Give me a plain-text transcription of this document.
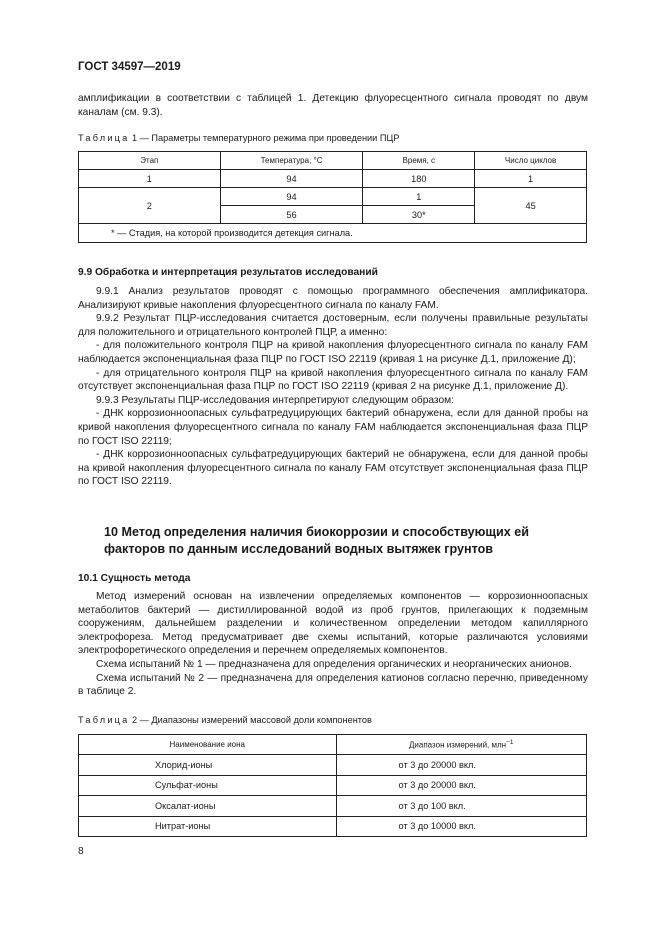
ГОСТ 34597—2019

амплификации в соответствии с таблицей 1. Детекцию флуоресцентного сигнала проводят по двум каналам (см. 9.3).

Таблица 1 — Параметры температурного режима при проведении ПЦР
Этап	Температура, °C	Время, с	Число циклов
1	94	180	1
2	94	1	45
	56	30*	
* — Стадия, на которой производится детекция сигнала.			
9.9 Обработка и интерпретация результатов исследований

9.9.1 Анализ результатов проводят с помощью программного обеспечения амплификатора. Анализируют кривые накопления флуоресцентного сигнала по каналу FAM.

9.9.2 Результат ПЦР-исследования считается достоверным, если получены правильные результаты для положительного и отрицательного контролей ПЦР, а именно:

- для положительного контроля ПЦР на кривой накопления флуоресцентного сигнала по каналу FAM наблюдается экспоненциальная фаза ПЦР по ГОСТ ISO 22119 (кривая 1 на рисунке Д.1, приложение Д);

- для отрицательного контроля ПЦР на кривой накопления флуоресцентного сигнала по каналу FAM отсутствует экспоненциальная фаза ПЦР по ГОСТ ISO 22119 (кривая 2 на рисунке Д.1, приложение Д).

9.9.3 Результаты ПЦР-исследования интерпретируют следующим образом:

- ДНК коррозионноопасных сульфатредуцирующих бактерий обнаружена, если для данной пробы на кривой накопления флуоресцентного сигнала по каналу FAM наблюдается экспоненциальная фаза ПЦР по ГОСТ ISO 22119;

- ДНК коррозионноопасных сульфатредуцирующих бактерий не обнаружена, если для данной пробы на кривой накопления флуоресцентного сигнала по каналу FAM отсутствует экспоненциальная фаза ПЦР по ГОСТ ISO 22119.

10 Метод определения наличия биокоррозии и способствующих ей факторов по данным исследований водных вытяжек грунтов
10.1 Сущность метода

Метод измерений основан на извлечении определяемых компонентов — коррозионноопасных метаболитов бактерий — дистиллированной водой из проб грунтов, прилегающих к подземным сооружениям, дальнейшем разделении и количественном определении методом капиллярного электрофореза. Метод предусматривает две схемы испытаний, которые различаются условиями электрофоретического определения и перечнем определяемых компонентов.

Схема испытаний № 1 — предназначена для определения органических и неорганических анионов.

Схема испытаний № 2 — предназначена для определения катионов согласно перечню, приведенному в таблице 2.

Таблица 2 — Диапазоны измерений массовой доли компонентов
Наименование иона	Диапазон измерений, млн$^{-1}$
Хлорид-ионы	от 3 до 20000 вкл.
Сульфат-ионы	от 3 до 20000 вкл.
Оксалат-ионы	от 3 до 100 вкл.
Нитрат-ионы	от 3 до 10000 вкл.
8
